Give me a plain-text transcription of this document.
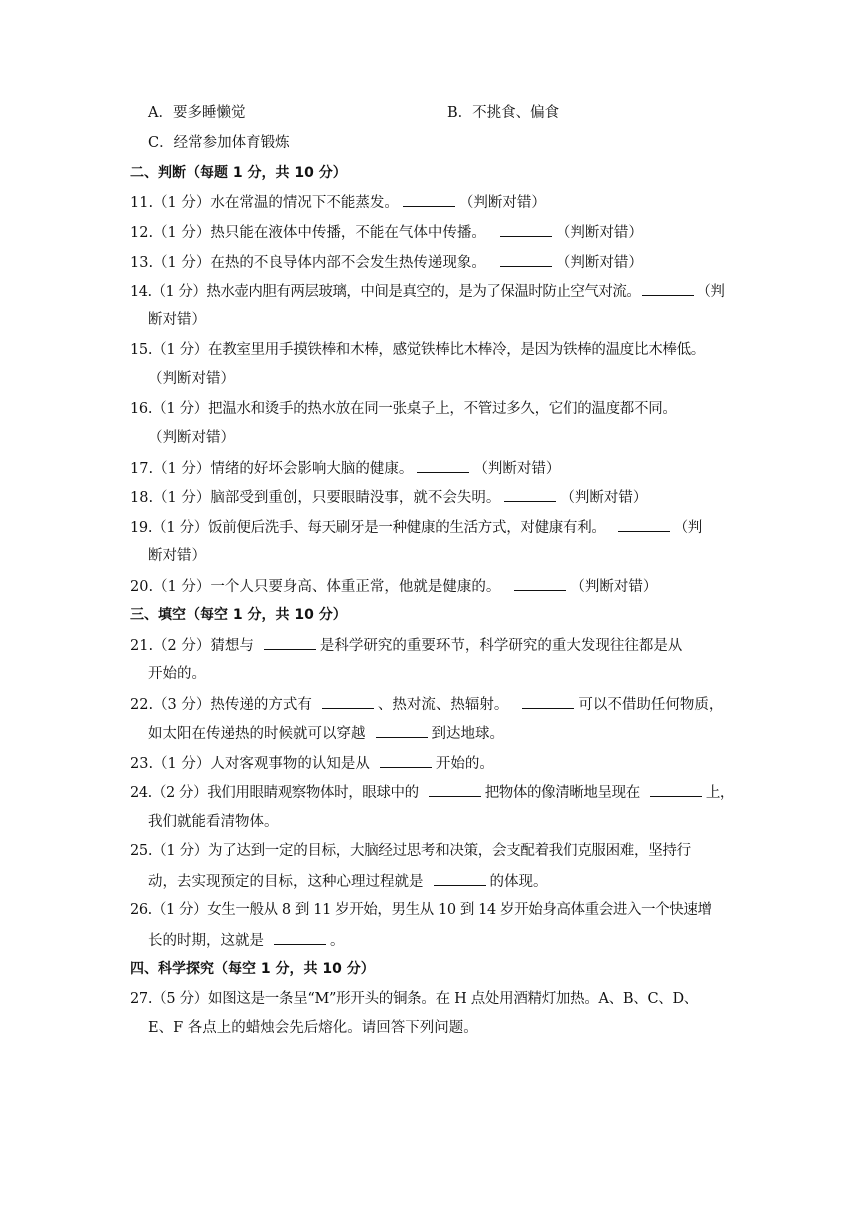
A．要多睡懒觉	B．不挑食、偏食
C．经常参加体育锻炼
二、判断（每题 1 分，共 10 分）
11.（1 分）水在常温的情况下不能蒸发。	（判断对错）
12.（1 分）热只能在液体中传播，不能在气体中传播。	（判断对错）
13.（1 分）在热的不良导体内部不会发生热传递现象。	（判断对错）
14.（1 分）热水壶内胆有两层玻璃，中间是真空的，是为了保温时防止空气对流。	（判
断对错）
15.（1 分）在教室里用手摸铁棒和木棒，感觉铁棒比木棒冷，是因为铁棒的温度比木棒低。
（判断对错）
16.（1 分）把温水和烫手的热水放在同一张桌子上，不管过多久，它们的温度都不同。
（判断对错）
17.（1 分）情绪的好坏会影响大脑的健康。	（判断对错）
18.（1 分）脑部受到重创，只要眼睛没事，就不会失明。	（判断对错）
19.（1 分）饭前便后洗手、每天刷牙是一种健康的生活方式，对健康有利。	（判
断对错）
20.（1 分）一个人只要身高、体重正常，他就是健康的。	（判断对错）
三、填空（每空 1 分，共 10 分）
21.（2 分）猜想与	是科学研究的重要环节，科学研究的重大发现往往都是从
开始的。
22.（3 分）热传递的方式有	、热对流、热辐射。	可以不借助任何物质，
如太阳在传递热的时候就可以穿越	到达地球。
23.（1 分）人对客观事物的认知是从	开始的。
24.（2 分）我们用眼睛观察物体时，眼球中的	把物体的像清晰地呈现在	上，
我们就能看清物体。
25.（1 分）为了达到一定的目标，大脑经过思考和决策，会支配着我们克服困难，坚持行
动，去实现预定的目标，这种心理过程就是	的体现。
26.（1 分）女生一般从 8 到 11 岁开始，男生从 10 到 14 岁开始身高体重会进入一个快速增
长的时期，这就是	。
四、科学探究（每空 1 分，共 10 分）
27.（5 分）如图这是一条呈“M”形开头的铜条。在 H 点处用酒精灯加热。A、B、C、D、
E、F 各点上的蜡烛会先后熔化。请回答下列问题。
